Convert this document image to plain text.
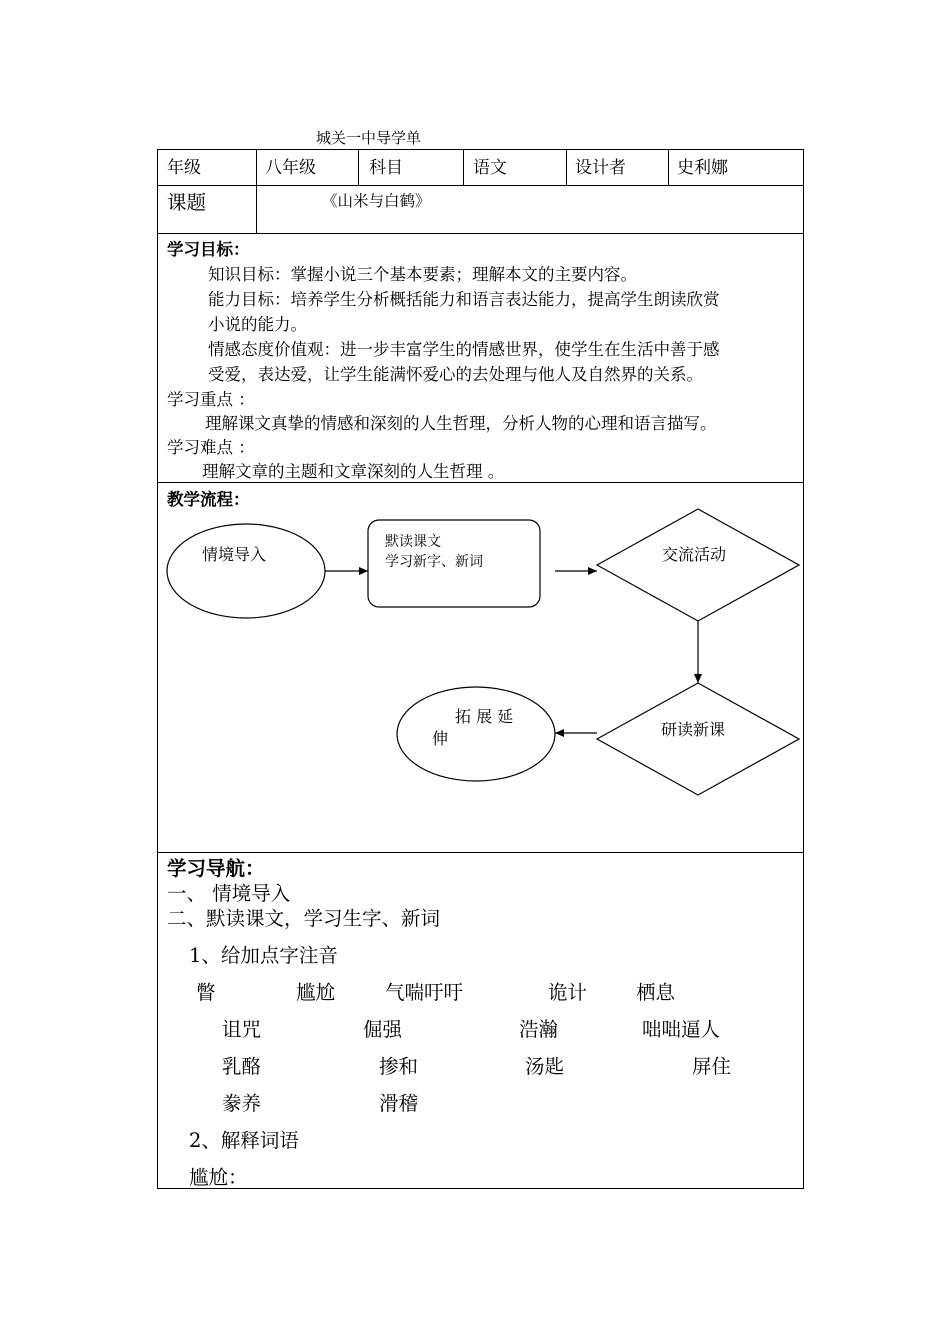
城关一中导学单
年级	八年级	科目	语文	设计者	史利娜
课题	《山米与白鹤》
学习目标：
知识目标：掌握小说三个基本要素；理解本文的主要内容。
能力目标：培养学生分析概括能力和语言表达能力，提高学生朗读欣赏
小说的能力。
情感态度价值观：进一步丰富学生的情感世界，使学生在生活中善于感
受爱，表达爱，让学生能满怀爱心的去处理与他人及自然界的关系。
学习重点 ：
理解课文真挚的情感和深刻的人生哲理，分析人物的心理和语言描写。
学习难点 ：
理解文章的主题和文章深刻的人生哲理 。
教学流程：
情境导入
默读课文
学习新字、新词	交流活动
研读新课
拓 展 延
伸
学习导航：
一、 情境导入
二、默读课文，学习生字、新词
1、给加点字注音
瞥	尴尬	气喘吁吁	诡计	栖息
诅咒	倔强	浩瀚	咄咄逼人
乳酪	掺和	汤匙	屏住
豢养	滑稽
2、解释词语
尴尬：
